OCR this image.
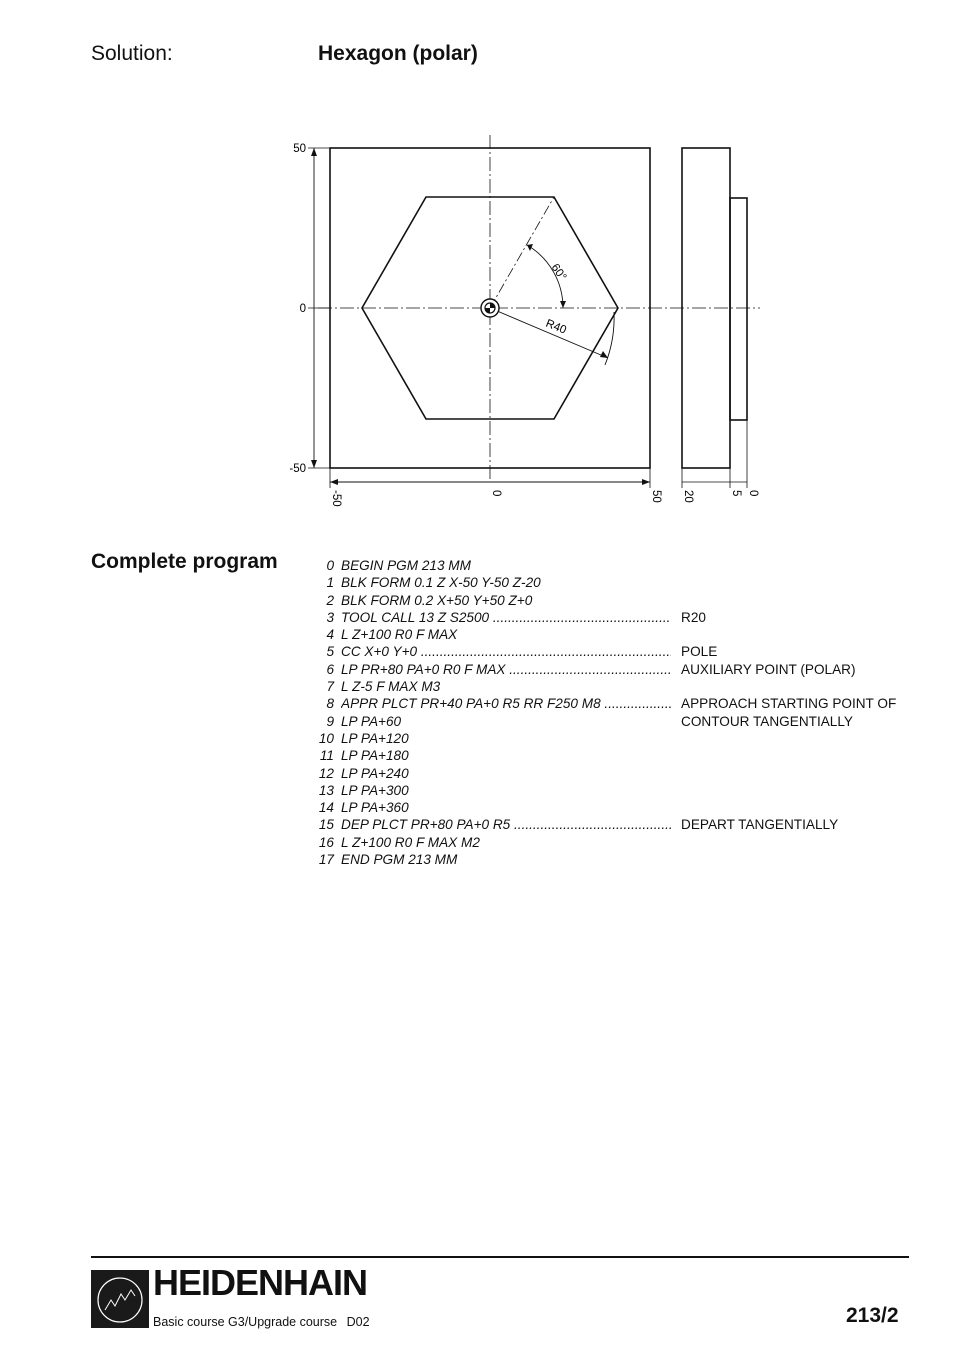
Solution:	Hexagon (polar)
50
0
-50
-50	0	50
60°
R40
20	5 0
Complete program	0 BEGIN PGM 213 MM
1 BLK FORM 0.1 Z X-50 Y-50 Z-20
2 BLK FORM 0.2 X+50 Y+50 Z+0
3 TOOL CALL 13 Z S2500 .....	R20
4 L Z+100 R0 F MAX
5 CC X+0 Y+0 .....	POLE
6 LP PR+80 PA+0 R0 F MAX .....	AUXILIARY POINT (POLAR)
7 L Z-5 F MAX M3
8 APPR PLCT PR+40 PA+0 R5 RR F250 M8 .....	APPROACH STARTING POINT OF
9 LP PA+60	CONTOUR TANGENTIALLY
10 LP PA+120
11 LP PA+180
12 LP PA+240
13 LP PA+300
14 LP PA+360
15 DEP PLCT PR+80 PA+0 R5 .....	DEPART TANGENTIALLY
16 L Z+100 R0 F MAX M2
17 END PGM 213 MM
HEIDENHAIN
Basic course G3/Upgrade course D02	213/2
